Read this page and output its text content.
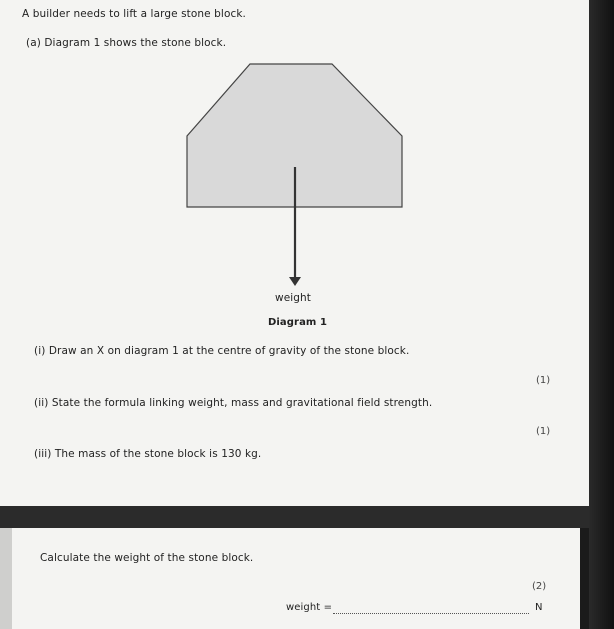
A builder needs to lift a large stone block.
(a) Diagram 1 shows the stone block.
weight
Diagram 1
(i) Draw an X on diagram 1 at the centre of gravity of the stone block.
(1)
(ii) State the formula linking weight, mass and gravitational field strength.
(1)
(iii) The mass of the stone block is 130 kg.
Calculate the weight of the stone block.
(2)
weight =	N
